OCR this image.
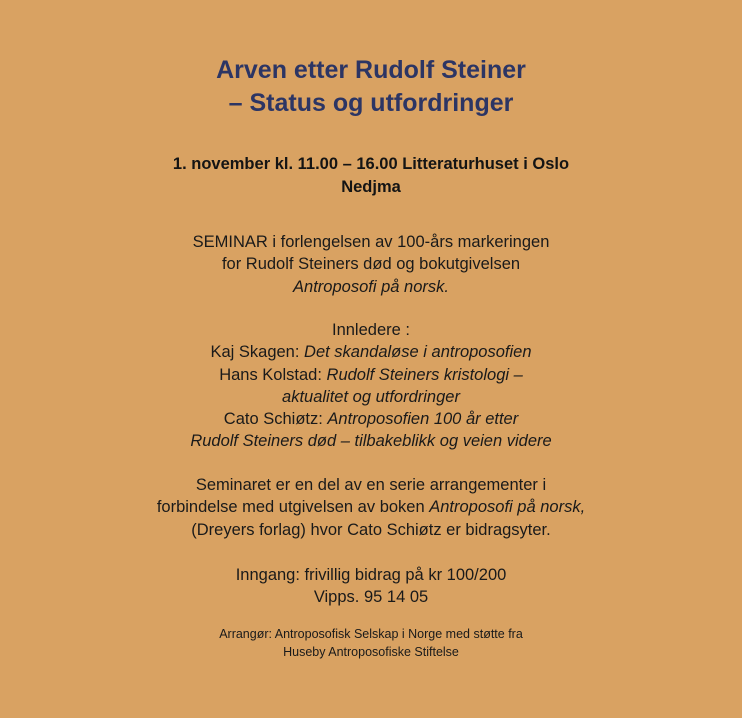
Arven etter Rudolf Steiner
– Status og utfordringer
1. november kl. 11.00 – 16.00 Litteraturhuset i Oslo
Nedjma
SEMINAR i forlengelsen av 100-års markeringen
for Rudolf Steiners død og bokutgivelsen
Antroposofi på norsk.
Innledere :
Kaj Skagen: Det skandaløse i antroposofien
Hans Kolstad: Rudolf Steiners kristologi –
aktualitet og utfordringer
Cato Schiøtz: Antroposofien 100 år etter
Rudolf Steiners død – tilbakeblikk og veien videre
Seminaret er en del av en serie arrangementer i
forbindelse med utgivelsen av boken Antroposofi på norsk,
(Dreyers forlag) hvor Cato Schiøtz er bidragsyter.
Inngang: frivillig bidrag på kr 100/200
Vipps. 95 14 05
Arrangør: Antroposofisk Selskap i Norge med støtte fra
Huseby Antroposofiske Stiftelse
